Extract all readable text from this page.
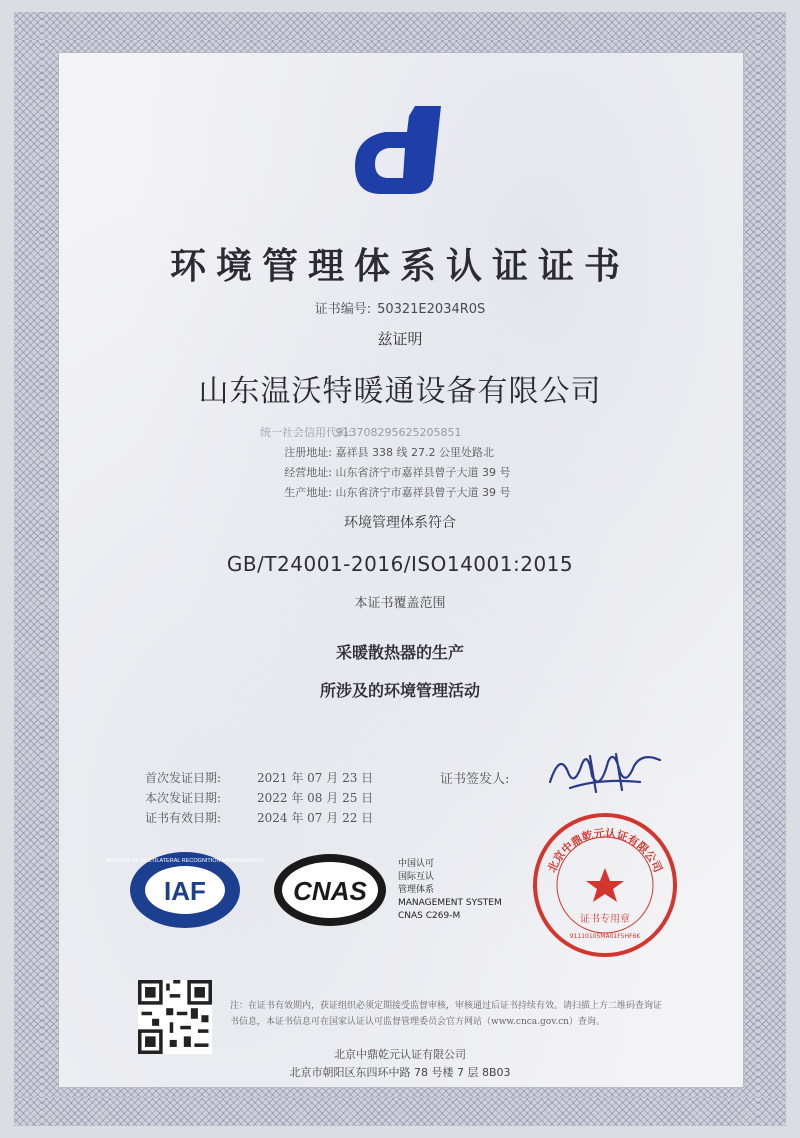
环境管理体系认证证书
证书编号: 50321E2034R0S
兹证明
山东温沃特暖通设备有限公司
统一社会信用代码: 913708295625205851
注册地址: 嘉祥县 338 线 27.2 公里处路北
经营地址: 山东省济宁市嘉祥县曾子大道 39 号
生产地址: 山东省济宁市嘉祥县曾子大道 39 号
环境管理体系符合
GB/T24001-2016/ISO14001:2015
本证书覆盖范围
采暖散热器的生产
所涉及的环境管理活动
首次发证日期:	2021 年 07 月 23 日
本次发证日期:	2022 年 08 月 25 日
证书有效日期:	2024 年 07 月 22 日
证书签发人:
IAF
MEMBER OF MULTILATERAL RECOGNITION ARRANGEMENT
CNAS
中国认可
国际互认
管理体系
MANAGEMENT SYSTEM
CNAS C269-M
北京中鼎乾元认证有限公司
证书专用章
91110105MA01F5HF6K
注：在证书有效期内，获证组织必须定期接受监督审核，审核通过后证书持续有效。请扫描上方二维码查询证书信息，本证书信息可在国家认证认可监督管理委员会官方网站（www.cnca.gov.cn）查询。
北京中鼎乾元认证有限公司
北京市朝阳区东四环中路 78 号楼 7 层 8B03
